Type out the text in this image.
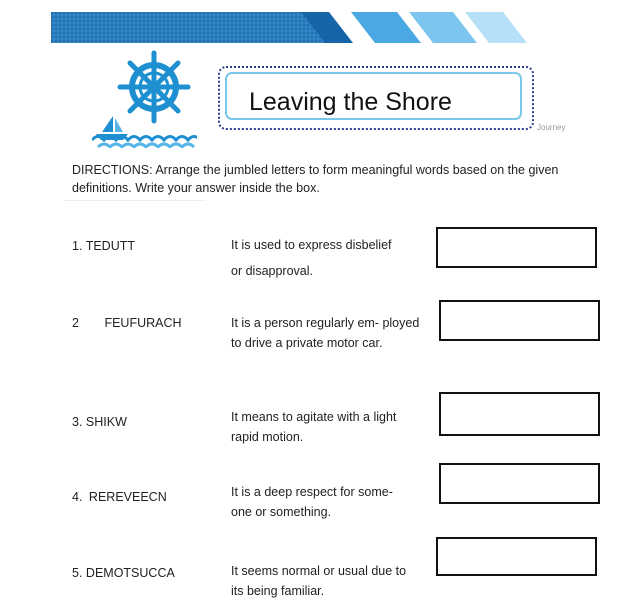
Leaving the Shore
Journey
DIRECTIONS: Arrange the jumbled letters to form meaningful words based on the given definitions. Write your answer inside the box.
1. TEDUTT	It is used to express disbelief
or disapproval.
2 FEUFURACH	It is a person regularly em- ployed
to drive a private motor car.
3. SHIKW	It means to agitate with a light
rapid motion.
4. REREVEECN	It is a deep respect for some-
one or something.
5. DEMOTSUCCA	It seems normal or usual due to
its being familiar.
